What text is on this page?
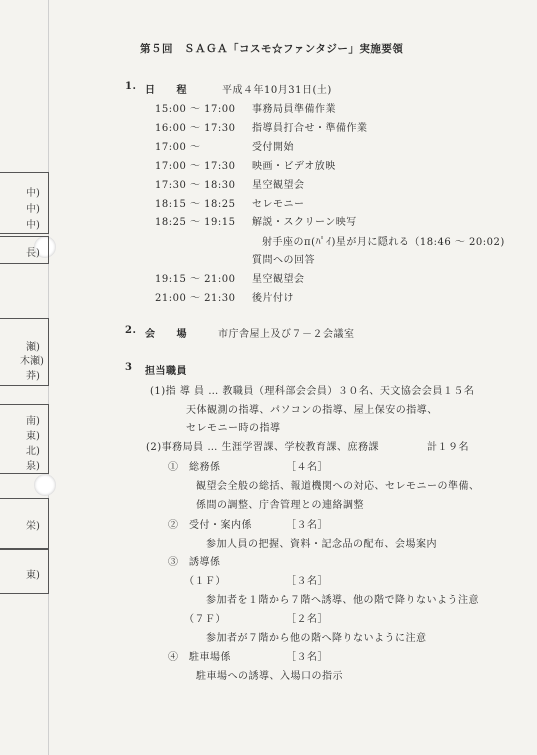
中)
中)
中)
長)
瀬)
木瀬)
莽)
南)
東)
北)
泉)
栄)
東)
第５回　ＳＡＧＡ「コスモ☆ファンタジー」実施要領
1. 日　　程	平成４年10月31日(土)
15:00 ～ 17:00 事務局員準備作業
16:00 ～ 17:30 指導員打合せ・準備作業
17:00 ～	受付開始
17:00 ～ 17:30 映画・ビデオ放映
17:30 ～ 18:30 星空観望会
18:15 ～ 18:25 セレモニー
18:25 ～ 19:15 解説・スクリーン映写
射手座のπ(ﾊﾟｲ)星が月に隠れる（18:46 ～ 20:02)
質問への回答
19:15 ～ 21:00 星空観望会
21:00 ～ 21:30 後片付け
2. 会　　場	市庁舎屋上及び７－２会議室
3 担当職員
(1)指 導 員 … 教職員（理科部会会員）３０名、天文協会会員１５名
天体観測の指導、パソコンの指導、屋上保安の指導、
セレモニー時の指導
(2)事務局員 … 生涯学習課、学校教育課、庶務課	計１９名
①　総務係	［４名］
観望会全般の総括、報道機関への対応、セレモニーの準備、
係間の調整、庁舎管理との連絡調整
②　受付・案内係	［３名］
参加人員の把握、資料・記念品の配布、会場案内
③　誘導係
（１Ｆ）	［３名］
参加者を１階から７階へ誘導、他の階で降りないよう注意
（７Ｆ）	［２名］
参加者が７階から他の階へ降りないように注意
④　駐車場係	［３名］
駐車場への誘導、入場口の指示
